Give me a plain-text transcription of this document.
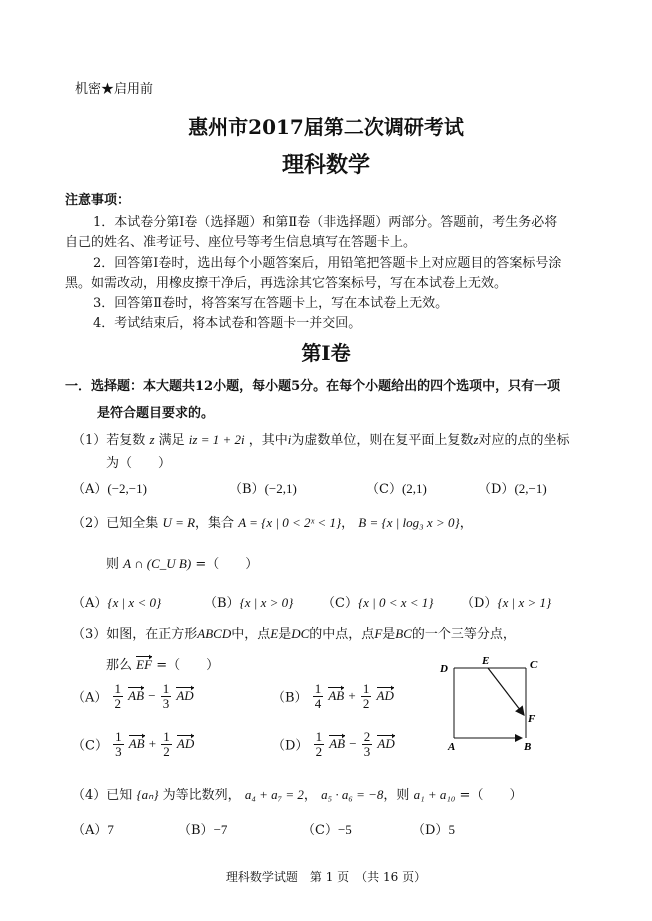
机密★启用前
惠州市2017届第二次调研考试
理科数学
注意事项：
1．本试卷分第Ⅰ卷（选择题）和第Ⅱ卷（非选择题）两部分。答题前，考生务必将
自己的姓名、准考证号、座位号等考生信息填写在答题卡上。
2．回答第Ⅰ卷时，选出每个小题答案后，用铅笔把答题卡上对应题目的答案标号涂
黑。如需改动，用橡皮擦干净后，再选涂其它答案标号，写在本试卷上无效。
3．回答第Ⅱ卷时，将答案写在答题卡上，写在本试卷上无效。
4．考试结束后，将本试卷和答题卡一并交回。
第Ⅰ卷
一．选择题：本大题共12小题，每小题5分。在每个小题给出的四个选项中，只有一项
是符合题目要求的。
（1）若复数 z 满足 iz = 1 + 2i ，其中i为虚数单位，则在复平面上复数z对应的点的坐标
为（　　）
（A）(−2,−1)	（B）(−2,1)	（C）(2,1)	（D）(2,−1)
（2）已知全集 U = R，集合 A = {x | 0 < 2ˣ < 1}， B = {x | log₃ x > 0}，
则 A ∩ (C_U B) =（　　）
（A）{x | x < 0}	（B）{x | x > 0} （C）{x | 0 < x < 1} （D）{x | x > 1}
（3）如图，在正方形ABCD中，点E是DC的中点，点F是BC的一个三等分点，
那么 EF =（　　）
$(A) \frac{1}{2}$ AB − $\frac{1}{3}$ AD	$(B) \frac{1}{4}$ AB + $\frac{1}{2}$ AD
$(C) \frac{1}{3}$ AB + $\frac{1}{2}$ AD	$(D) \frac{1}{2}$ AB − $\frac{2}{3}$ AD
D
E	C
F
A	B
（4）已知 {aₙ} 为等比数列， a₄ + a₇ = 2， a₅ · a₆ = −8，则 a₁ + a₁₀ =（　　）
（A）7	（B）−7	（C）−5	（D）5
理科数学试题　第 1 页　（共 16 页）
